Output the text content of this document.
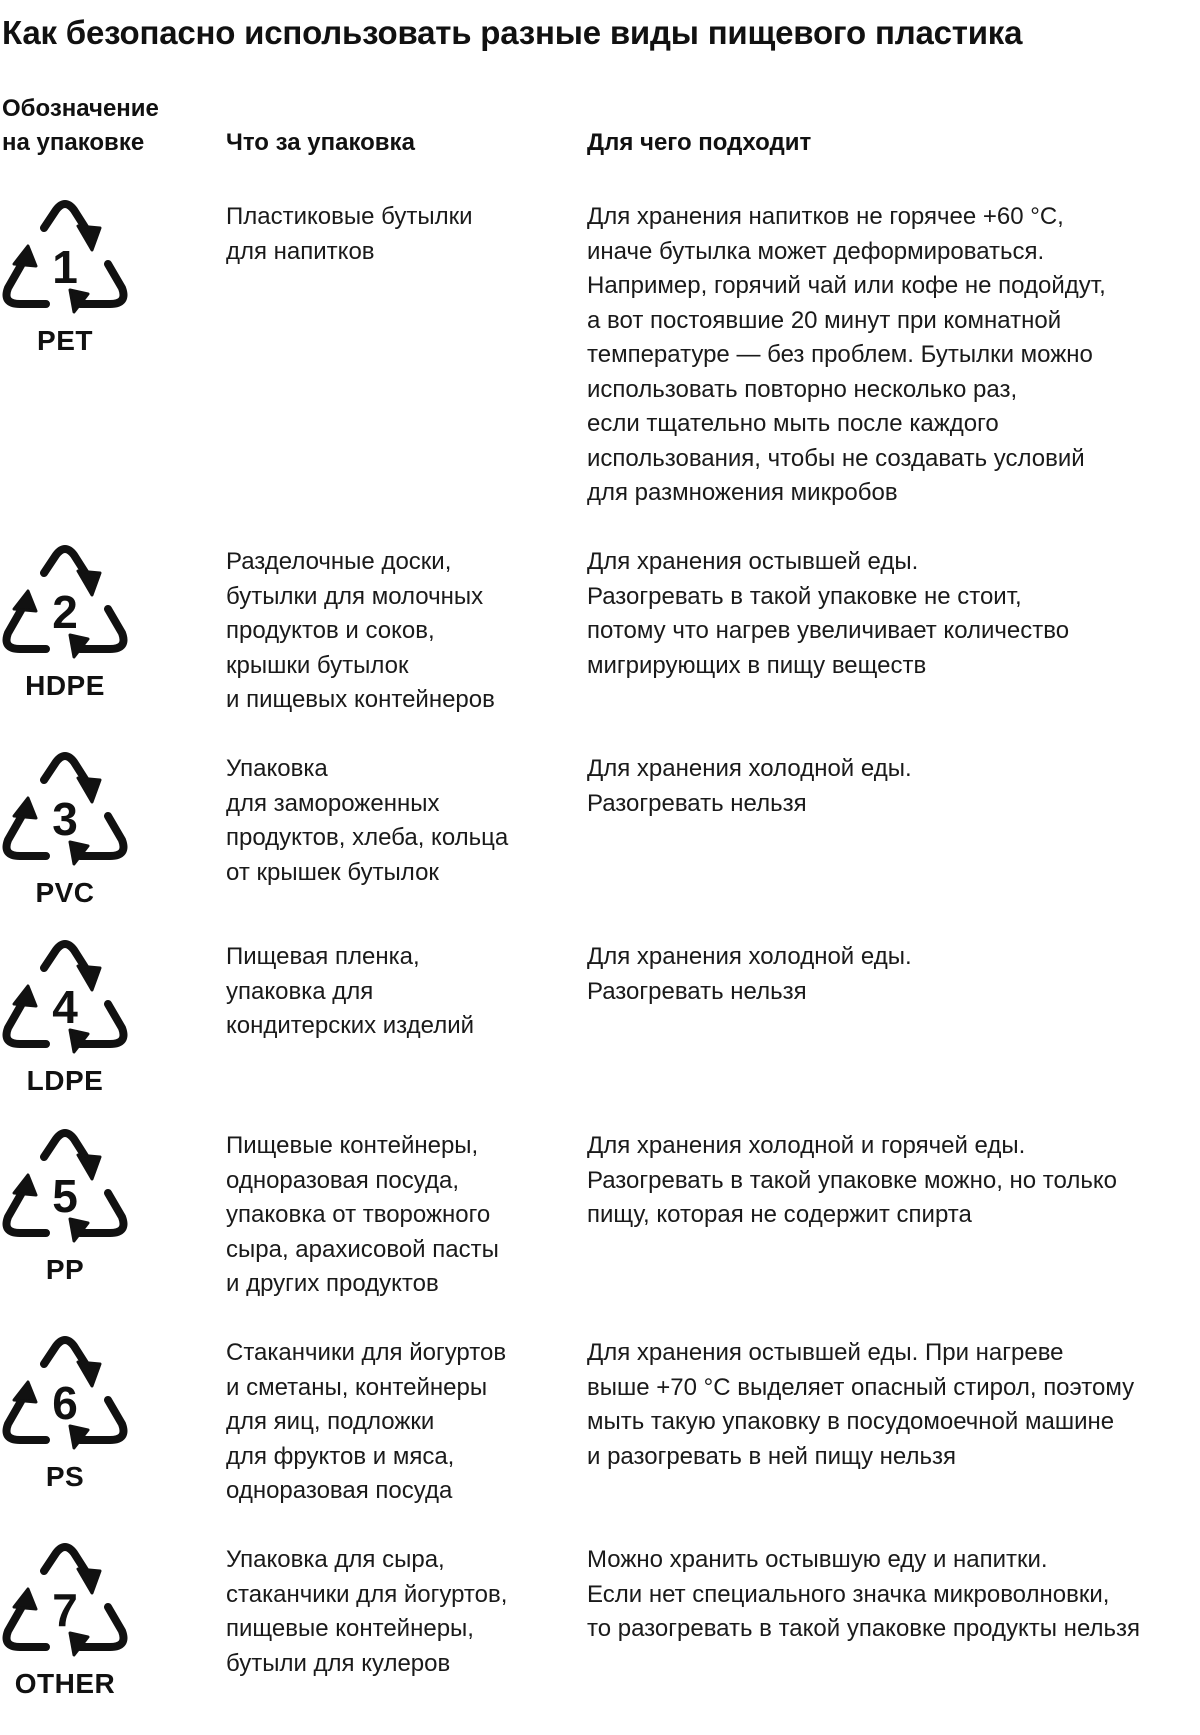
Как безопасно использовать разные виды пищевого пластика
Обозначение
на упаковке	Что за упаковка	Для чего подходит
1
PET

Пластиковые бутылки
для напитков

Для хранения напитков не горячее +60 °C,
иначе бутылка может деформироваться.
Например, горячий чай или кофе не подойдут,
а вот постоявшие 20 минут при комнатной
температуре — без проблем. Бутылки можно
использовать повторно несколько раз,
если тщательно мыть после каждого
использования, чтобы не создавать условий
для размножения микробов

2
HDPE

Разделочные доски,
бутылки для молочных
продуктов и соков,
крышки бутылок
и пищевых контейнеров

Для хранения остывшей еды.
Разогревать в такой упаковке не стоит,
потому что нагрев увеличивает количество
мигрирующих в пищу веществ

3
PVC

Упаковка
для замороженных
продуктов, хлеба, кольца
от крышек бутылок

Для хранения холодной еды.
Разогревать нельзя

4
LDPE

Пищевая пленка,
упаковка для
кондитерских изделий

Для хранения холодной еды.
Разогревать нельзя

5
PP

Пищевые контейнеры,
одноразовая посуда,
упаковка от творожного
сыра, арахисовой пасты
и других продуктов

Для хранения холодной и горячей еды.
Разогревать в такой упаковке можно, но только
пищу, которая не содержит спирта

6
PS

Стаканчики для йогуртов
и сметаны, контейнеры
для яиц, подложки
для фруктов и мяса,
одноразовая посуда

Для хранения остывшей еды. При нагреве
выше +70 °C выделяет опасный стирол, поэтому
мыть такую упаковку в посудомоечной машине
и разогревать в ней пищу нельзя

7
OTHER

Упаковка для сыра,
стаканчики для йогуртов,
пищевые контейнеры,
бутыли для кулеров

Можно хранить остывшую еду и напитки.
Если нет специального значка микроволновки,
то разогревать в такой упаковке продукты нельзя
